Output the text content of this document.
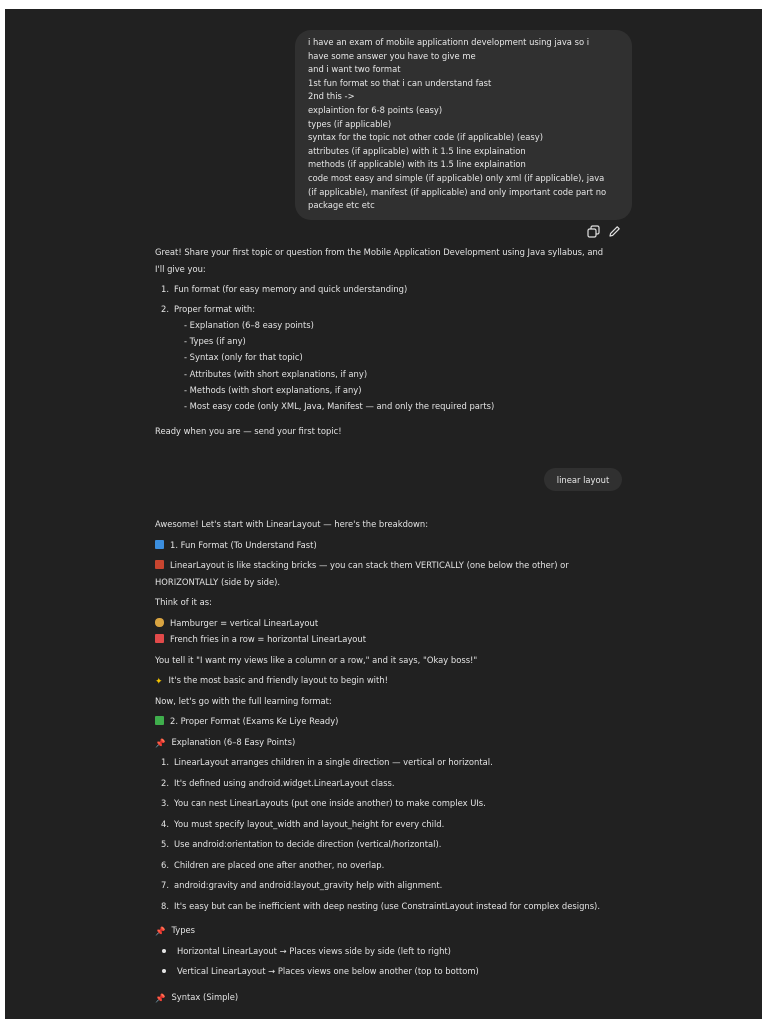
i have an exam of mobile applicationn development using java so i
have some answer you have to give me
and i want two format
1st fun format so that i can understand fast
2nd this ->
explaintion for 6-8 points (easy)
types (if applicable)
syntax for the topic not other code (if applicable) (easy)
attributes (if applicable) with it 1.5 line explaination
methods (if applicable) with its 1.5 line explaination
code most easy and simple (if applicable) only xml (if applicable), java
(if applicable), manifest (if applicable) and only important code part no
package etc etc
Great! Share your first topic or question from the Mobile Application Development using Java syllabus, and
I'll give you:
1. Fun format (for easy memory and quick understanding)
2. Proper format with:
- Explanation (6–8 easy points)
- Types (if any)
- Syntax (only for that topic)
- Attributes (with short explanations, if any)
- Methods (with short explanations, if any)
- Most easy code (only XML, Java, Manifest — and only the required parts)
Ready when you are — send your first topic!
linear layout
Awesome! Let's start with LinearLayout — here's the breakdown:
1. Fun Format (To Understand Fast)
LinearLayout is like stacking bricks — you can stack them VERTICALLY (one below the other) or
HORIZONTALLY (side by side).
Think of it as:
Hamburger = vertical LinearLayout
French fries in a row = horizontal LinearLayout
You tell it "I want my views like a column or a row," and it says, "Okay boss!"
✦ It's the most basic and friendly layout to begin with!
Now, let's go with the full learning format:
2. Proper Format (Exams Ke Liye Ready)
📌 Explanation (6–8 Easy Points)
1. LinearLayout arranges children in a single direction — vertical or horizontal.
2. It's defined using android.widget.LinearLayout class.
3. You can nest LinearLayouts (put one inside another) to make complex UIs.
4. You must specify layout_width and layout_height for every child.
5. Use android:orientation to decide direction (vertical/horizontal).
6. Children are placed one after another, no overlap.
7. android:gravity and android:layout_gravity help with alignment.
8. It's easy but can be inefficient with deep nesting (use ConstraintLayout instead for complex designs).
📌 Types
Horizontal LinearLayout → Places views side by side (left to right)
Vertical LinearLayout → Places views one below another (top to bottom)
📌 Syntax (Simple)
